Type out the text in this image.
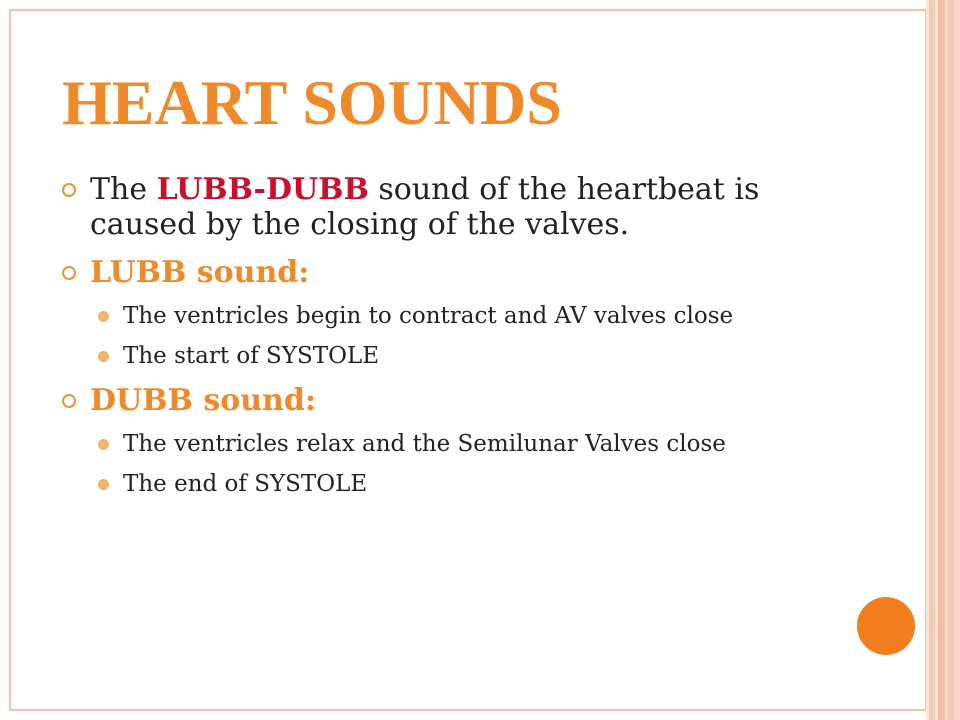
HEART SOUNDS
The LUBB-DUBB sound of the heartbeat is caused by the closing of the valves.
LUBB sound:
The ventricles begin to contract and AV valves close
The start of SYSTOLE
DUBB sound:
The ventricles relax and the Semilunar Valves close
The end of SYSTOLE
